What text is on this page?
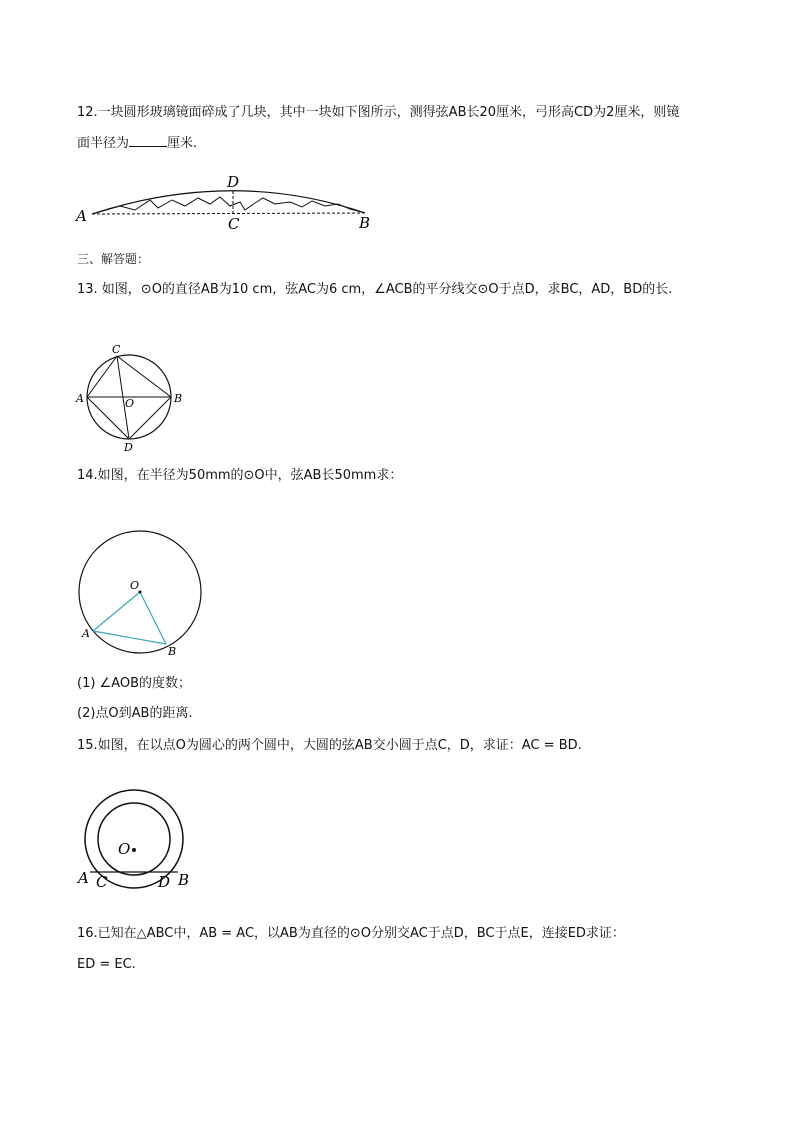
12.一块圆形玻璃镜面碎成了几块，其中一块如下图所示，测得弦AB长20厘米，弓形高CD为2厘米，则镜
面半径为	厘米.
A	B
C
D
三、解答题：
13. 如图，⊙O的直径AB为10 cm，弦AC为6 cm，∠ACB的平分线交⊙O于点D，求BC，AD，BD的长.
A	B
C
D
O
14.如图，在半径为50mm的⊙O中，弦AB长50mm求：
O
A
B
(1) ∠AOB的度数；
(2)点O到AB的距离.
15.如图，在以点O为圆心的两个圆中，大圆的弦AB交小圆于点C，D，求证：AC = BD.
O
A C	D B
16.已知在△ABC中，AB = AC，以AB为直径的⊙O分别交AC于点D，BC于点E，连接ED求证：
ED = EC.
